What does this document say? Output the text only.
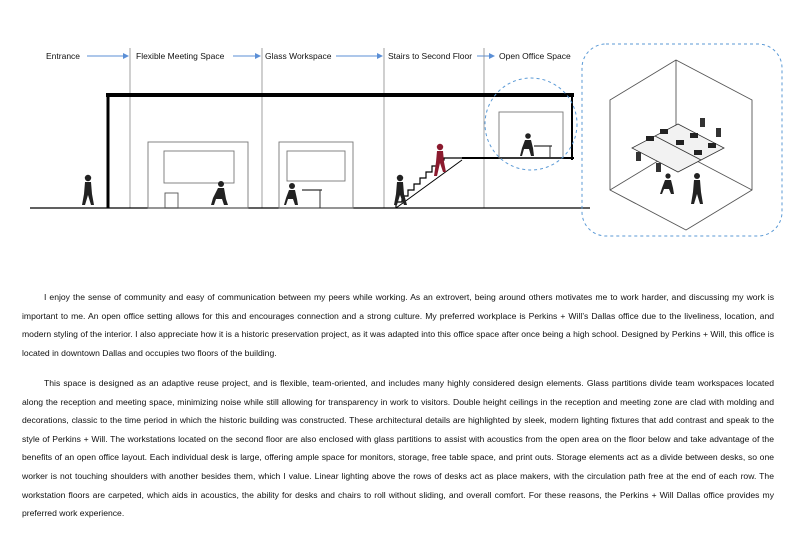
Entrance	Flexible Meeting Space	Glass Workspace	Stairs to Second Floor	Open Office Space

I enjoy the sense of community and easy of communication between my peers while working. As an extrovert, being around others motivates me to work harder, and discussing my work is important to me. An open office setting allows for this and encourages connection and a strong culture. My preferred workplace is Perkins + Will’s Dallas office due to the liveliness, location, and modern styling of the interior. I also appreciate how it is a historic preservation project, as it was adapted into this office space after once being a high school. Designed by Perkins + Will, this office is located in downtown Dallas and occupies two floors of the building.

This space is designed as an adaptive reuse project, and is flexible, team-oriented, and includes many highly considered design elements. Glass partitions divide team workspaces located along the reception and meeting space, minimizing noise while still allowing for transparency in work to visitors. Double height ceilings in the reception and meeting zone are clad with molding and decorations, classic to the time period in which the historic building was constructed. These architectural details are highlighted by sleek, modern lighting fixtures that add contrast and speak to the style of Perkins + Will. The workstations located on the second floor are also enclosed with glass partitions to assist with acoustics from the open area on the floor below and take advantage of the benefits of an open office layout. Each individual desk is large, offering ample space for monitors, storage, free table space, and print outs. Storage elements act as a divide between desks, so one worker is not touching shoulders with another besides them, which I value. Linear lighting above the rows of desks act as place makers, with the circulation path free at the end of each row. The workstation floors are carpeted, which aids in acoustics, the ability for desks and chairs to roll without sliding, and overall comfort. For these reasons, the Perkins + Will Dallas office provides my preferred work experience.
